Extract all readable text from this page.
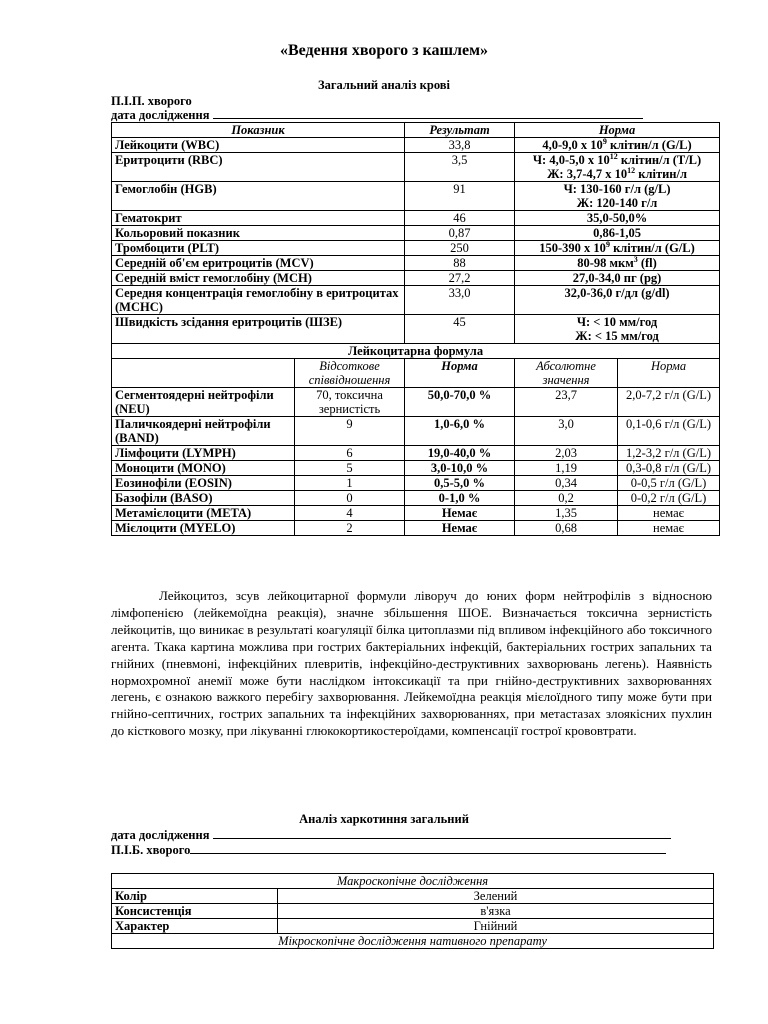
«Ведення хворого з кашлем»
Загальний аналіз крові
П.І.П. хворого
дата дослідження
Показник		Результат	Норма	
Лейкоцити (WBC)		33,8	4,0-9,0 x $10^9$ клітин/л (G/L)	
Еритроцити (RBC)		3,5	Ч: 4,0-5,0 x $10^{12}$ клітин/л (T/L)
Ж: 3,7-4,7 x $10^{12}$ клітин/л	
Гемоглобін (HGB)		91	Ч: 130-160 г/л (g/L)
Ж: 120-140 г/л	
Гематокрит		46	35,0-50,0%	
Кольоровий показник		0,87	0,86-1,05	
Тромбоцити (PLT)		250	150-390 x $10^9$ клітин/л (G/L)	
Середній об'єм еритроцитів (MCV)		88	80-98 мкм$^3$ (fl)	
Середній вміст гемоглобіну (MCH)		27,2	27,0-34,0 пг (pg)	
Середня концентрація гемоглобіну в еритроцитах (MCHC)		33,0	32,0-36,0 г/дл (g/dl)	
Швидкість зсідання еритроцитів (ШЗЕ)		45	Ч: < 10 мм/год
Ж: < 15 мм/год	
Лейкоцитарна формула				
	Відсоткове співвідношення	Норма	Абсолютне значення	Норма
Сегментоядерні нейтрофіли (NEU)	70, токсична зернистість	50,0-70,0 %	23,7	2,0-7,2 г/л (G/L)
Паличкоядерні нейтрофіли (BAND)	9	1,0-6,0 %	3,0	0,1-0,6 г/л (G/L)
Лімфоцити (LYMPH)	6	19,0-40,0 %	2,03	1,2-3,2 г/л (G/L)
Моноцити (MONO)	5	3,0-10,0 %	1,19	0,3-0,8 г/л (G/L)
Еозинофіли (EOSIN)	1	0,5-5,0 %	0,34	0-0,5 г/л (G/L)
Базофіли (BASO)	0	0-1,0 %	0,2	0-0,2 г/л (G/L)
Метамієлоцити (META)	4	Немає	1,35	немає
Мієлоцити (MYELO)	2	Немає	0,68	немає

Лейкоцитоз, зсув лейкоцитарної формули ліворуч до юних форм нейтрофілів з відносною лімфопенією (лейкемоїдна реакція), значне збільшення ШОЕ. Визначається токсична зернистість лейкоцитів, що виникає в результаті коагуляції білка цитоплазми під впливом інфекційного або токсичного агента. Ткака картинa можлива при гострих бактеріальних інфекцій, бактеріальних гострих запальних та гнійних (пневмоні, інфекційних плевритів, інфекційно-деструктивних захворювань легень). Наявність нормохромної анемії може бути наслідком інтоксикації та при гнійно-деструктивних захворюваннях легень, є ознакою важкого перебігу захворювання. Лейкемоїдна реакція мієлоїдного типу може бути при гнійно-септичних, гострих запальних та інфекційних захворюваннях, при метастазах злоякісних пухлин до кісткового мозку, при лікуванні глюкокортикостероїдами, компенсації гострої крововтрати.

Аналіз харкотиння загальний
дата дослідження
П.І.Б. хворого
Макроскопічне дослідження	
Колір	Зелений
Консистенція	в'язка
Характер	Гнійний
Мікроскопічне дослідження нативного препарату	
